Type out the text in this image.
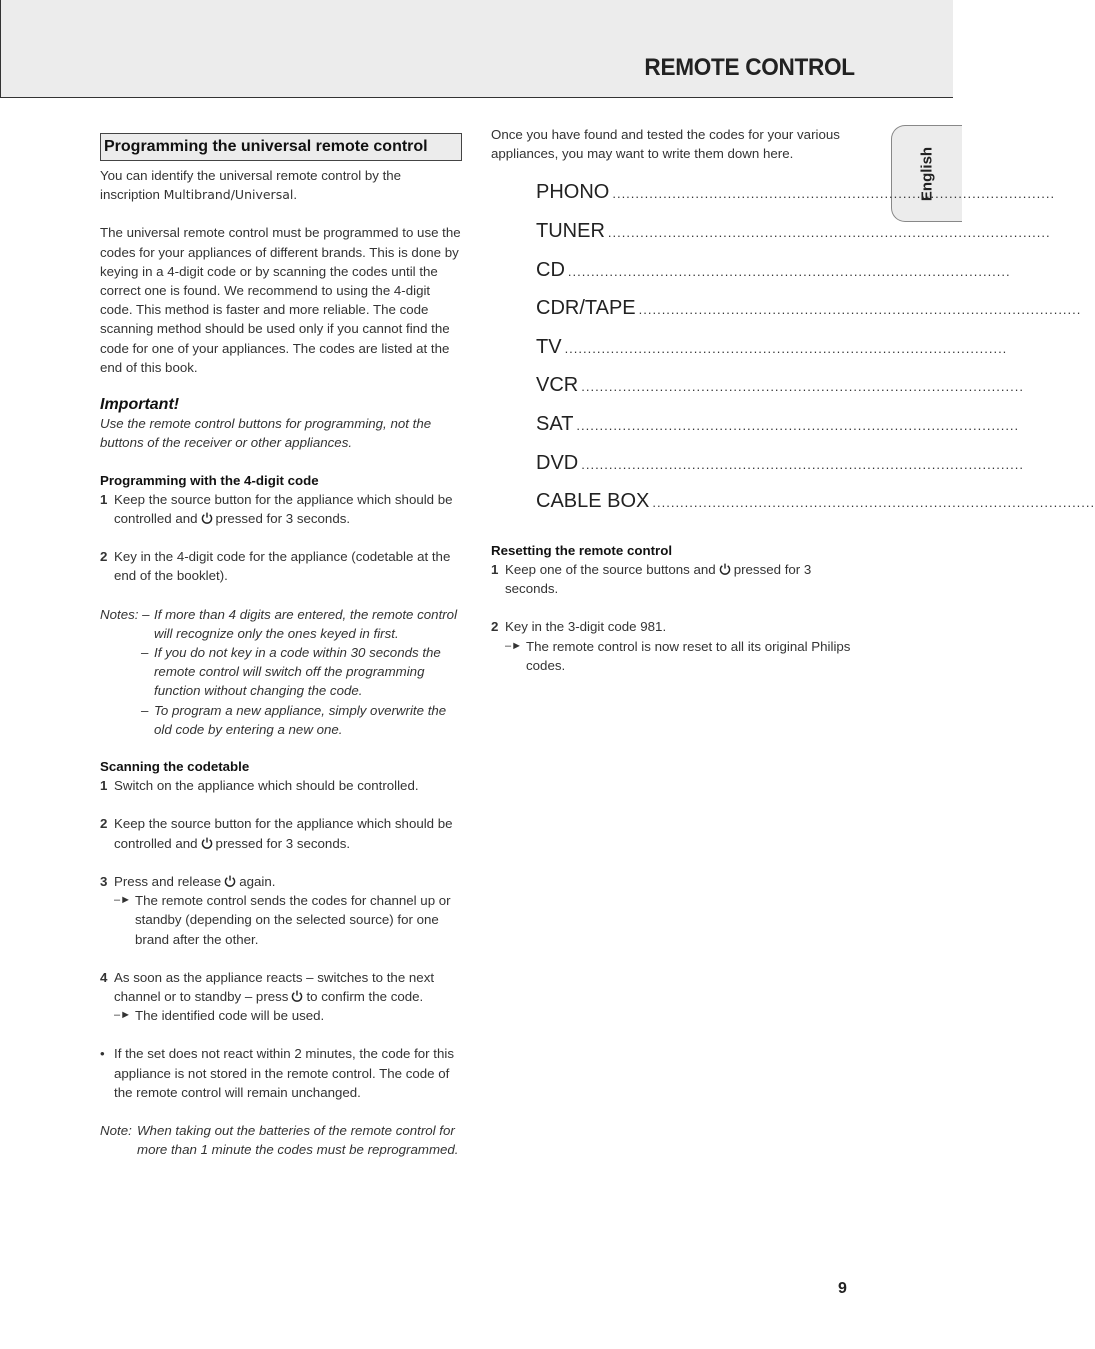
REMOTE CONTROL
English
Programming the universal remote control

You can identify the universal remote control by the inscription Multibrand/Universal.

The universal remote control must be programmed to use the codes for your appliances of different brands. This is done by keying in a 4-digit code or by scanning the codes until the correct one is found. We recommend to using the 4-digit code. This method is faster and more reliable. The code scanning method should be used only if you cannot find the code for one of your appliances. The codes are listed at the end of this book.

Important!

Use the remote control buttons for programming, not the buttons of the receiver or other appliances.

Programming with the 4-digit code

1 Keep the source button for the appliance which should be controlled and pressed for 3 seconds.
2 Key in the 4-digit code for the appliance (codetable at the end of the booklet).
Notes: – If more than 4 digits are entered, the remote control will recognize only the ones keyed in first.
– If you do not key in a code within 30 seconds the remote control will switch off the programming function without changing the code.
– To program a new appliance, simply overwrite the old code by entering a new one.

Scanning the codetable

1 Switch on the appliance which should be controlled.
2 Keep the source button for the appliance which should be controlled and pressed for 3 seconds.
3 Press and release again.
–► The remote control sends the codes for channel up or standby (depending on the selected source) for one brand after the other.
4 As soon as the appliance reacts – switches to the next channel or to standby – press to confirm the code.
–► The identified code will be used.
• If the set does not react within 2 minutes, the code for this appliance is not stored in the remote control. The code of the remote control will remain unchanged.
Note: When taking out the batteries of the remote control for more than 1 minute the codes must be reprogrammed.

Once you have found and tested the codes for your various appliances, you may want to write them down here.

PHONO ................................................................................................
TUNER ................................................................................................
CD ................................................................................................
CDR/TAPE ................................................................................................
TV ................................................................................................
VCR ................................................................................................
SAT ................................................................................................
DVD ................................................................................................
CABLE BOX ................................................................................................

Resetting the remote control

1 Keep one of the source buttons and pressed for 3 seconds.
2 Key in the 3-digit code 981.
–► The remote control is now reset to all its original Philips codes.
9
